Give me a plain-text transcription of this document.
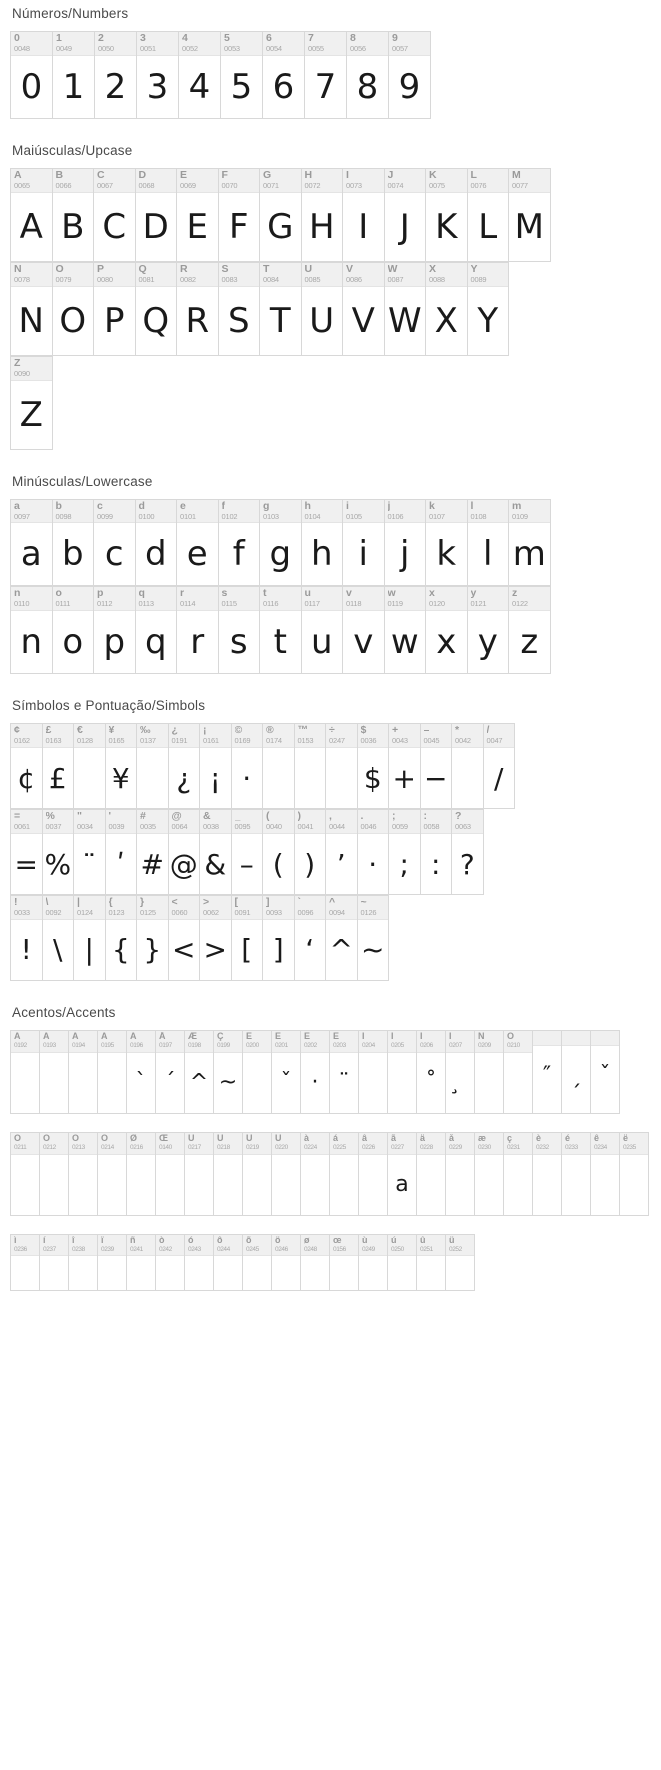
Números/Numbers
0
0048
0
1
0049
1
2
0050
2
3
0051
3
4
0052
4
5
0053
5
6
0054
6
7
0055
7
8
0056
8
9
0057
9
Maiúsculas/Upcase
A
0065
A
B
0066
B
C
0067
C
D
0068
D
E
0069
E
F
0070
F
G
0071
G
H
0072
H
I
0073
I
J
0074
J
K
0075
K
L
0076
L
M
0077
M
N
0078
N
O
0079
O
P
0080
P
Q
0081
Q
R
0082
R
S
0083
S
T
0084
T
U
0085
U
V
0086
V
W
0087
W
X
0088
X
Y
0089
Y
Z
0090
Z
Minúsculas/Lowercase
a
0097
a
b
0098
b
c
0099
c
d
0100
d
e
0101
e
f
0102
f
g
0103
g
h
0104
h
i
0105
i
j
0106
j
k
0107
k
l
0108
l
m
0109
m
n
0110
n
o
0111
o
p
0112
p
q
0113
q
r
0114
r
s
0115
s
t
0116
t
u
0117
u
v
0118
v
w
0119
w
x
0120
x
y
0121
y
z
0122
z
Símbolos e Pontuação/Simbols
¢
0162
¢
£
0163
£
€
0128
¥
0165
¥
‰
0137
¿
0191
¿
¡
0161
¡
©
0169
·
®
0174
™
0153
÷
0247
$
0036
$
+
0043
+
–
0045
−
*
0042
/
0047
/
=
0061
=
%
0037
%
"
0034
¨
'
0039
ʹ
#
0035
#
@
0064
@
&
0038
&
_
0095
–
(
0040
(
)
0041
)
,
0044
’
.
0046
·
;
0059
;
:
0058
:
?
0063
?
!
0033
!
\
0092
\
|
0124
|
{
0123
{
}
0125
}
<
0060
<
>
0062
>
[
0091
[
]
0093
]
`
0096
‘
^
0094
^
~
0126
~
Acentos/Accents
À
0192
Á
0193
Â
0194
Ã
0195
Ä
0196
`
Å
0197
´
Æ
0198
^
Ç
0199
~
È
0200
É
0201
ˇ
Ê
0202
·
Ë
0203
¨
Ì
0204
Í
0205
Î
0206
˚
Ï
0207
Ñ
0209
Ò
0210
″ ˏ ˇ
Ó
0211
Ô
0212
Õ
0213
Ö
0214
Ø
0216
Œ
0140
Ù
0217
Ú
0218
Û
0219
Ü
0220
à
0224
á
0225
â
0226
ã
0227
a
ä
0228
å
0229
æ
0230
ç
0231
è
0232
é
0233
ê
0234
ë
0235
ì
0236
í
0237
î
0238
ï
0239
ñ
0241
ò
0242
ó
0243
ô
0244
õ
0245
ö
0246
ø
0248
œ
0156
ù
0249
ú
0250
û
0251
ü
0252
